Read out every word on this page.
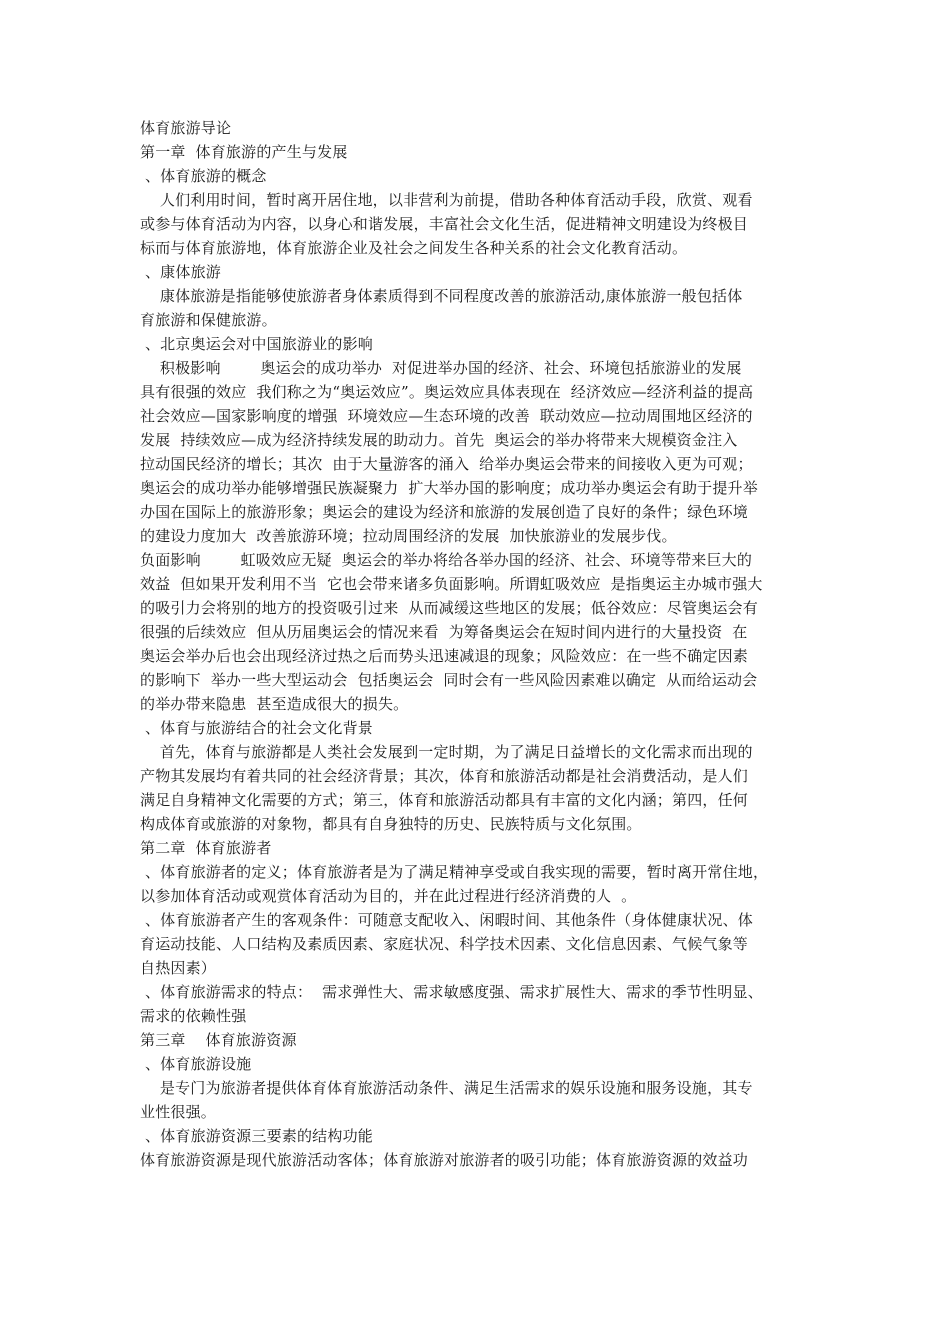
体育旅游导论
第一章  体育旅游的产生与发展
、体育旅游的概念
人们利用时间，暂时离开居住地，以非营利为前提，借助各种体育活动手段，欣赏、观看
或参与体育活动为内容，以身心和谐发展，丰富社会文化生活，促进精神文明建设为终极目
标而与体育旅游地，体育旅游企业及社会之间发生各种关系的社会文化教育活动。
、康体旅游
康体旅游是指能够使旅游者身体素质得到不同程度改善的旅游活动,康体旅游一般包括体
育旅游和保健旅游。
、北京奥运会对中国旅游业的影响
积极影响        奥运会的成功举办  对促进举办国的经济、社会、环境包括旅游业的发展
具有很强的效应  我们称之为“奥运效应”。奥运效应具体表现在  经济效应—经济利益的提高
社会效应—国家影响度的增强  环境效应—生态环境的改善  联动效应—拉动周围地区经济的
发展  持续效应—成为经济持续发展的助动力。首先  奥运会的举办将带来大规模资金注入
拉动国民经济的增长；其次  由于大量游客的涌入  给举办奥运会带来的间接收入更为可观；
奥运会的成功举办能够增强民族凝聚力  扩大举办国的影响度；成功举办奥运会有助于提升举
办国在国际上的旅游形象；奥运会的建设为经济和旅游的发展创造了良好的条件；绿色环境
的建设力度加大  改善旅游环境；拉动周围经济的发展  加快旅游业的发展步伐。
负面影响        虹吸效应无疑  奥运会的举办将给各举办国的经济、社会、环境等带来巨大的
效益  但如果开发利用不当  它也会带来诸多负面影响。所谓虹吸效应  是指奥运主办城市强大
的吸引力会将别的地方的投资吸引过来  从而减缓这些地区的发展；低谷效应：尽管奥运会有
很强的后续效应  但从历届奥运会的情况来看  为筹备奥运会在短时间内进行的大量投资  在
奥运会举办后也会出现经济过热之后而势头迅速减退的现象；风险效应：在一些不确定因素
的影响下  举办一些大型运动会  包括奥运会  同时会有一些风险因素难以确定  从而给运动会
的举办带来隐患  甚至造成很大的损失。
、体育与旅游结合的社会文化背景
首先，体育与旅游都是人类社会发展到一定时期，为了满足日益增长的文化需求而出现的
产物其发展均有着共同的社会经济背景；其次，体育和旅游活动都是社会消费活动，是人们
满足自身精神文化需要的方式；第三，体育和旅游活动都具有丰富的文化内涵；第四，任何
构成体育或旅游的对象物，都具有自身独特的历史、民族特质与文化氛围。
第二章  体育旅游者
、体育旅游者的定义；体育旅游者是为了满足精神享受或自我实现的需要，暂时离开常住地，
以参加体育活动或观赏体育活动为目的，并在此过程进行经济消费的人  。
、体育旅游者产生的客观条件：可随意支配收入、闲暇时间、其他条件（身体健康状况、体
育运动技能、人口结构及素质因素、家庭状况、科学技术因素、文化信息因素、气候气象等
自热因素）
、体育旅游需求的特点：  需求弹性大、需求敏感度强、需求扩展性大、需求的季节性明显、
需求的依赖性强
第三章    体育旅游资源
、体育旅游设施
是专门为旅游者提供体育体育旅游活动条件、满足生活需求的娱乐设施和服务设施，其专
业性很强。
、体育旅游资源三要素的结构功能
体育旅游资源是现代旅游活动客体；体育旅游对旅游者的吸引功能；体育旅游资源的效益功
